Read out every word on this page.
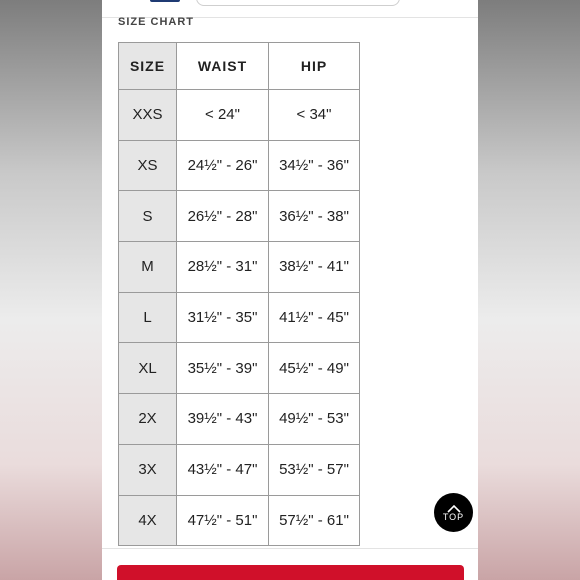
SIZE CHART
SIZE	WAIST	HIP
XXS	< 24"	< 34"
XS	24½" - 26"	34½" - 36"
S	26½" - 28"	36½" - 38"
M	28½" - 31"	38½" - 41"
L	31½" - 35"	41½" - 45"
XL	35½" - 39"	45½" - 49"
2X	39½" - 43"	49½" - 53"
3X	43½" - 47"	53½" - 57"
4X	47½" - 51"	57½" - 61"	TOP
